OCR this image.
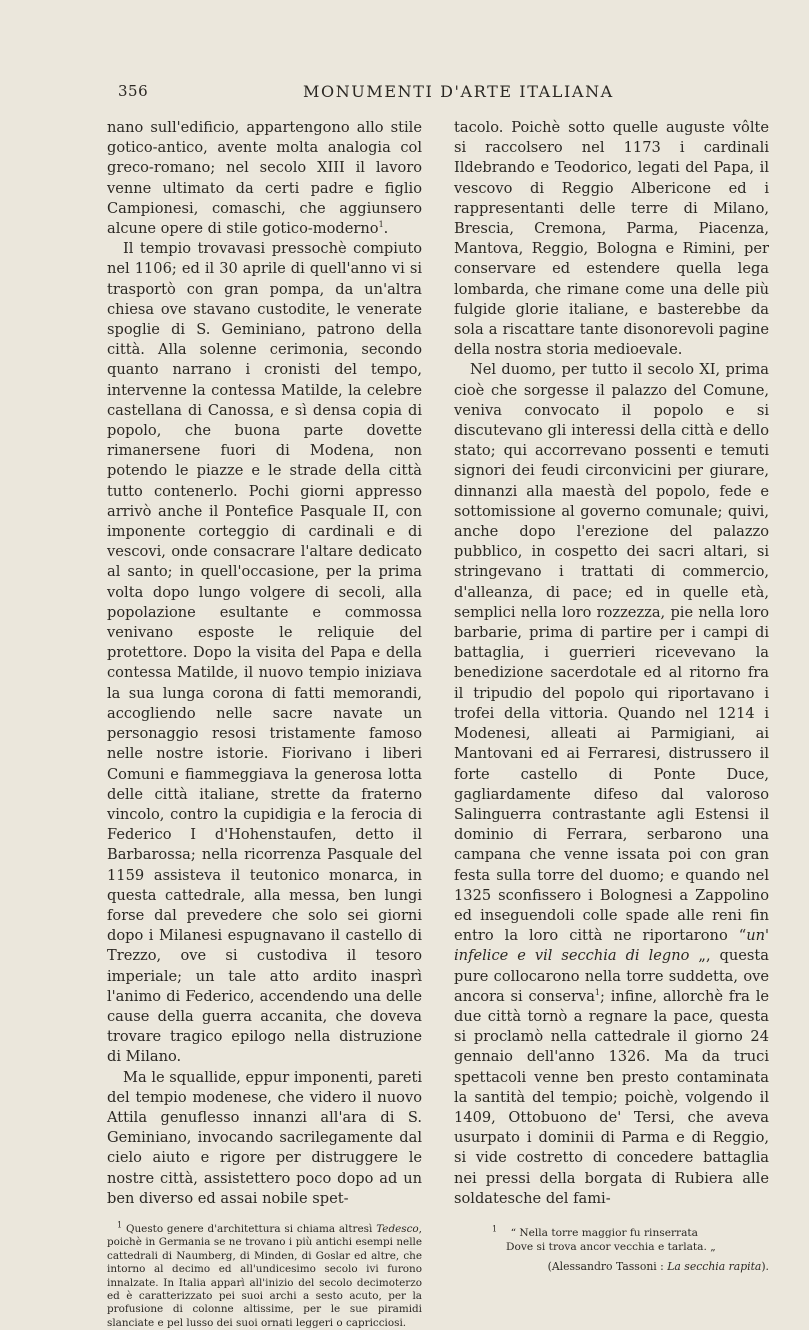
356	MONUMENTI D'ARTE ITALIANA

nano sull'edificio, appartengono allo stile gotico-antico, avente molta analogia col greco-romano; nel secolo XIII il lavoro venne ultimato da certi padre e figlio Campionesi, comaschi, che aggiunsero alcune opere di stile gotico-moderno$^1$.

Il tempio trovavasi pressochè compiuto nel 1106; ed il 30 aprile di quell'anno vi si trasportò con gran pompa, da un'altra chiesa ove stavano custodite, le venerate spoglie di S. Geminiano, patrono della città. Alla solenne cerimonia, secondo quanto narrano i cronisti del tempo, intervenne la contessa Matilde, la celebre castellana di Canossa, e sì densa copia di popolo, che buona parte dovette rimanersene fuori di Modena, non potendo le piazze e le strade della città tutto contenerlo. Pochi giorni appresso arrivò anche il Pontefice Pasquale II, con imponente corteggio di cardinali e di vescovi, onde consacrare l'altare dedicato al santo; in quell'occasione, per la prima volta dopo lungo volgere di secoli, alla popolazione esultante e commossa venivano esposte le reliquie del protettore. Dopo la visita del Papa e della contessa Matilde, il nuovo tempio iniziava la sua lunga corona di fatti memorandi, accogliendo nelle sacre navate un personaggio resosi tristamente famoso nelle nostre istorie. Fiorivano i liberi Comuni e fiammeggiava la generosa lotta delle città italiane, strette da fraterno vincolo, contro la cupidigia e la ferocia di Federico I d'Hohenstaufen, detto il Barbarossa; nella ricorrenza Pasquale del 1159 assisteva il teutonico monarca, in questa cattedrale, alla messa, ben lungi forse dal prevedere che solo sei giorni dopo i Milanesi espugnavano il castello di Trezzo, ove si custodiva il tesoro imperiale; un tale atto ardito inasprì l'animo di Federico, accendendo una delle cause della guerra accanita, che doveva trovare tragico epilogo nella distruzione di Milano.

Ma le squallide, eppur imponenti, pareti del tempio modenese, che videro il nuovo Attila genuflesso innanzi all'ara di S. Geminiano, invocando sacrilegamente dal cielo aiuto e rigore per distruggere le nostre città, assistettero poco dopo ad un ben diverso ed assai nobile spet-

$^1$ Questo genere d'architettura si chiama altresì Tedesco, poichè in Germania se ne trovano i più antichi esempi nelle cattedrali di Naumberg, di Minden, di Goslar ed altre, che intorno al decimo ed all'undicesimo secolo ivi furono innalzate. In Italia apparì all'inizio del secolo decimoterzo ed è caratterizzato pei suoi archi a sesto acuto, per la profusione di colonne altissime, per le sue piramidi slanciate e pel lusso dei suoi ornati leggeri o capricciosi.

tacolo. Poichè sotto quelle auguste vôlte si raccolsero nel 1173 i cardinali Ildebrando e Teodorico, legati del Papa, il vescovo di Reggio Albericone ed i rappresentanti delle terre di Milano, Brescia, Cremona, Parma, Piacenza, Mantova, Reggio, Bologna e Rimini, per conservare ed estendere quella lega lombarda, che rimane come una delle più fulgide glorie italiane, e basterebbe da sola a riscattare tante disonorevoli pagine della nostra storia medioevale.

Nel duomo, per tutto il secolo XI, prima cioè che sorgesse il palazzo del Comune, veniva convocato il popolo e si discutevano gli interessi della città e dello stato; qui accorrevano possenti e temuti signori dei feudi circonvicini per giurare, dinnanzi alla maestà del popolo, fede e sottomissione al governo comunale; quivi, anche dopo l'erezione del palazzo pubblico, in cospetto dei sacri altari, si stringevano i trattati di commercio, d'alleanza, di pace; ed in quelle età, semplici nella loro rozzezza, pie nella loro barbarie, prima di partire per i campi di battaglia, i guerrieri ricevevano la benedizione sacerdotale ed al ritorno fra il tripudio del popolo qui riportavano i trofei della vittoria. Quando nel 1214 i Modenesi, alleati ai Parmigiani, ai Mantovani ed ai Ferraresi, distrussero il forte castello di Ponte Duce, gagliardamente difeso dal valoroso Salinguerra contrastante agli Estensi il dominio di Ferrara, serbarono una campana che venne issata poi con gran festa sulla torre del duomo; e quando nel 1325 sconfissero i Bolognesi a Zappolino ed inseguendoli colle spade alle reni fin entro la loro città ne riportarono “un' infelice e vil secchia di legno „, questa pure collocarono nella torre suddetta, ove ancora si conserva$^1$; infine, allorchè fra le due città tornò a regnare la pace, questa si proclamò nella cattedrale il giorno 24 gennaio dell'anno 1326. Ma da truci spettacoli venne ben presto contaminata la santità del tempio; poichè, volgendo il 1409, Ottobuono de' Tersi, che aveva usurpato i dominii di Parma e di Reggio, si vide costretto di concedere battaglia nei pressi della borgata di Rubiera alle soldatesche del fami-

$^1$ “ Nella torre maggior fu rinserrata
Dove si trova ancor vecchia e tarlata. „
(Alessandro Tassoni : La secchia rapita).
